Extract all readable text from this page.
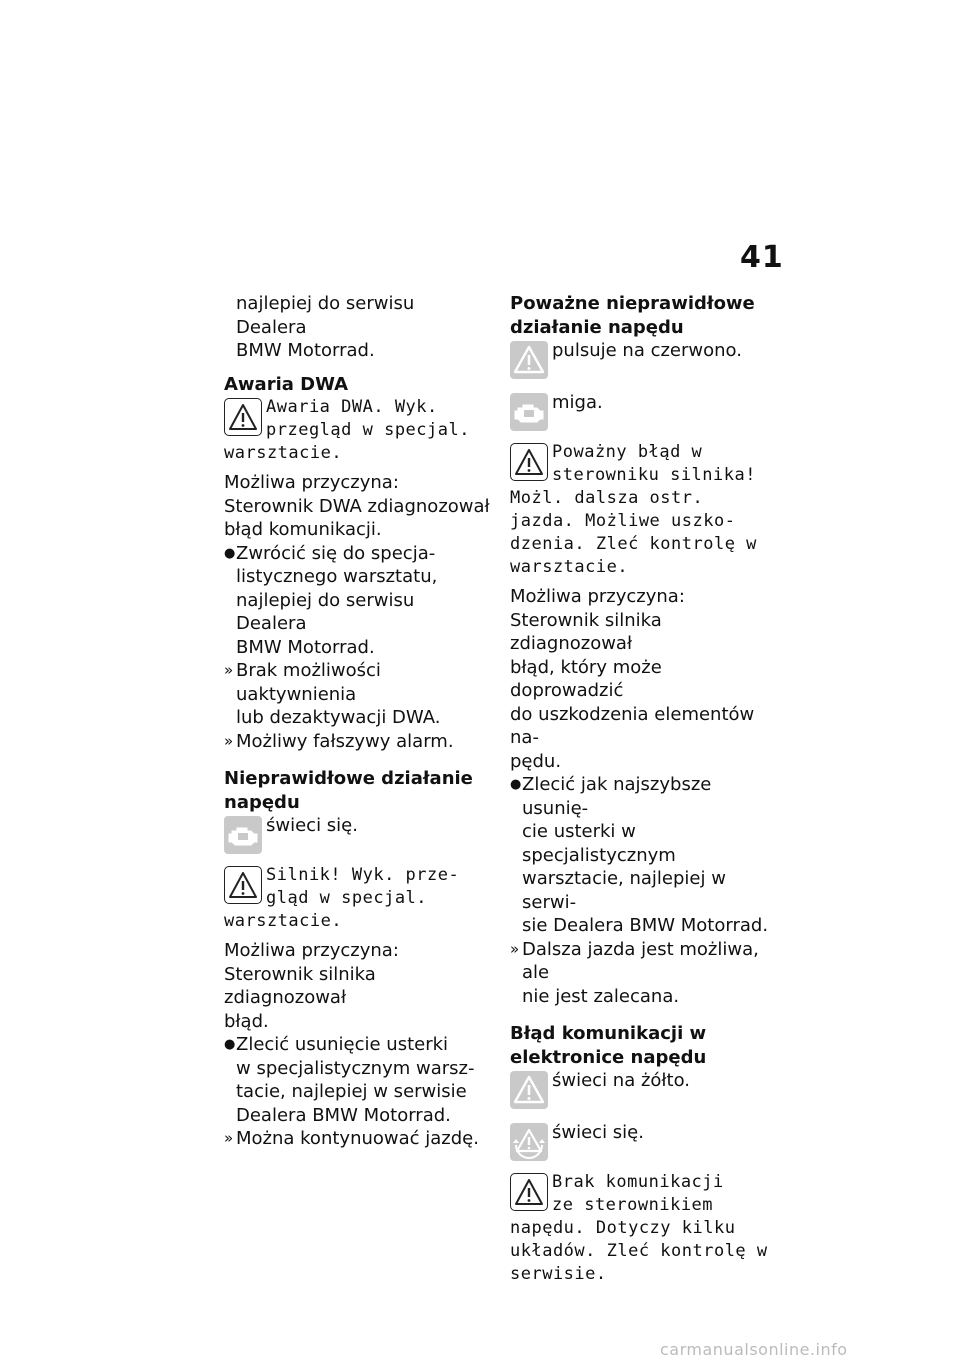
41

najlepiej do serwisu Dealera

BMW Motorrad.

Awaria DWA
Awaria DWA. Wyk.
przegląd w specjal.
warsztacie.

Możliwa przyczyna:

Sterownik DWA zdiagnozował

błąd komunikacji.

● Zwrócić się do specja-
listycznego warsztatu,
najlepiej do serwisu Dealera
BMW Motorrad.
» Brak możliwości uaktywnienia
lub dezaktywacji DWA.
» Możliwy fałszywy alarm.
Nieprawidłowe działanie
napędu

świeci się.

Silnik! Wyk. prze-
gląd w specjal.
warsztacie.

Możliwa przyczyna:

Sterownik silnika zdiagnozował

błąd.

● Zlecić usunięcie usterki
w specjalistycznym warsz-
tacie, najlepiej w serwisie
Dealera BMW Motorrad.
» Można kontynuować jazdę.
Poważne nieprawidłowe
działanie napędu

pulsuje na czerwono.

miga.

Poważny błąd w
sterowniku silnika!
Możl. dalsza ostr.
jazda. Możliwe uszko-
dzenia. Zleć kontrolę w
warsztacie.

Możliwa przyczyna:

Sterownik silnika zdiagnozował

błąd, który może doprowadzić

do uszkodzenia elementów na-

pędu.

● Zlecić jak najszybsze usunię-
cie usterki w specjalistycznym
warsztacie, najlepiej w serwi-
sie Dealera BMW Motorrad.
» Dalsza jazda jest możliwa, ale
nie jest zalecana.
Błąd komunikacji w
elektronice napędu

świeci na żółto.

świeci się.

Brak komunikacji
ze sterownikiem
napędu. Dotyczy kilku
układów. Zleć kontrolę w
serwisie.
carmanualsonline.info
